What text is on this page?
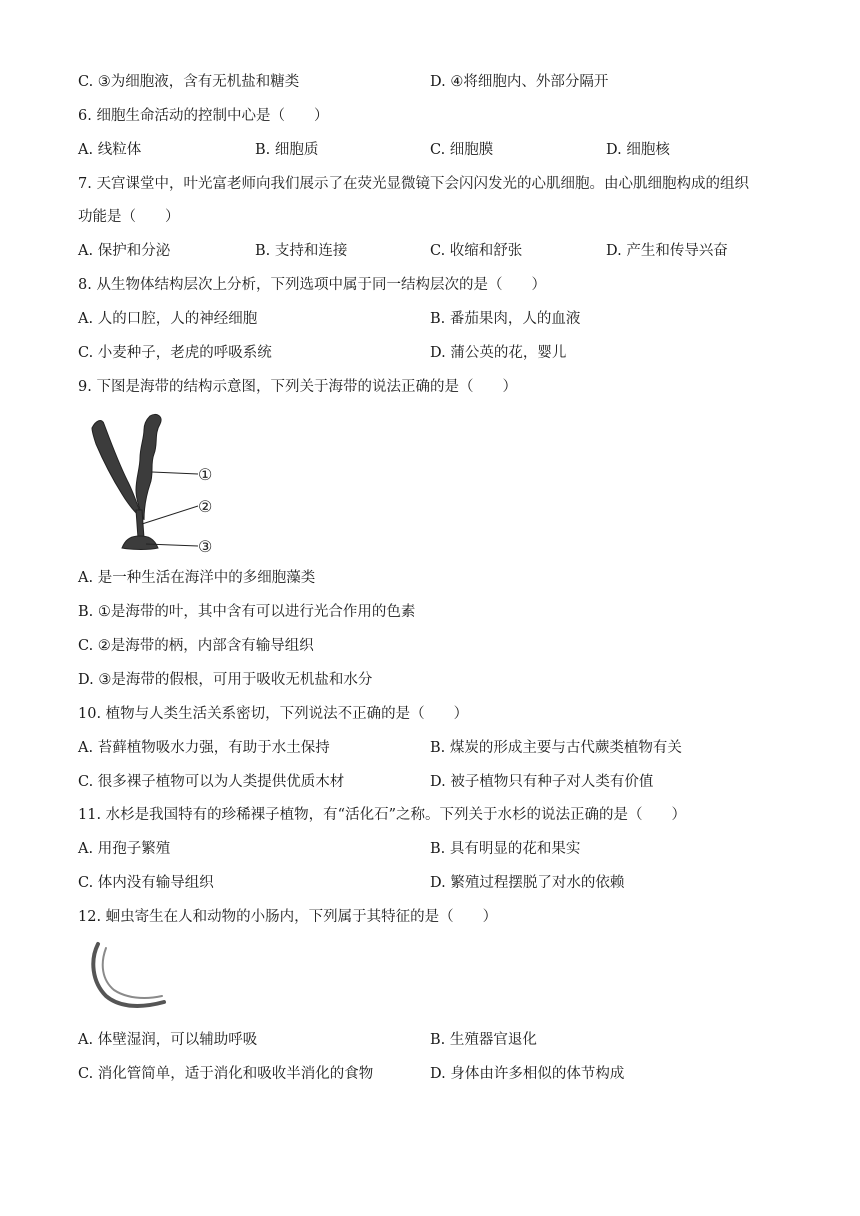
C. ③为细胞液，含有无机盐和糖类	D. ④将细胞内、外部分隔开
6. 细胞生命活动的控制中心是（　　）
A. 线粒体	B. 细胞质	C. 细胞膜	D. 细胞核
7. 天宫课堂中，叶光富老师向我们展示了在荧光显微镜下会闪闪发光的心肌细胞。由心肌细胞构成的组织
功能是（　　）
A. 保护和分泌	B. 支持和连接	C. 收缩和舒张	D. 产生和传导兴奋
8. 从生物体结构层次上分析，下列选项中属于同一结构层次的是（　　）
A. 人的口腔，人的神经细胞	B. 番茄果肉，人的血液
C. 小麦种子，老虎的呼吸系统	D. 蒲公英的花，婴儿
9. 下图是海带的结构示意图，下列关于海带的说法正确的是（　　）
①
②
③
A. 是一种生活在海洋中的多细胞藻类
B. ①是海带的叶，其中含有可以进行光合作用的色素
C. ②是海带的柄，内部含有输导组织
D. ③是海带的假根，可用于吸收无机盐和水分
10. 植物与人类生活关系密切，下列说法不正确的是（　　）
A. 苔藓植物吸水力强，有助于水土保持	B. 煤炭的形成主要与古代蕨类植物有关
C. 很多裸子植物可以为人类提供优质木材	D. 被子植物只有种子对人类有价值
11. 水杉是我国特有的珍稀裸子植物，有“活化石”之称。下列关于水杉的说法正确的是（　　）
A. 用孢子繁殖	B. 具有明显的花和果实
C. 体内没有输导组织	D. 繁殖过程摆脱了对水的依赖
12. 蛔虫寄生在人和动物的小肠内，下列属于其特征的是（　　）
A. 体壁湿润，可以辅助呼吸	B. 生殖器官退化
C. 消化管简单，适于消化和吸收半消化的食物	D. 身体由许多相似的体节构成
